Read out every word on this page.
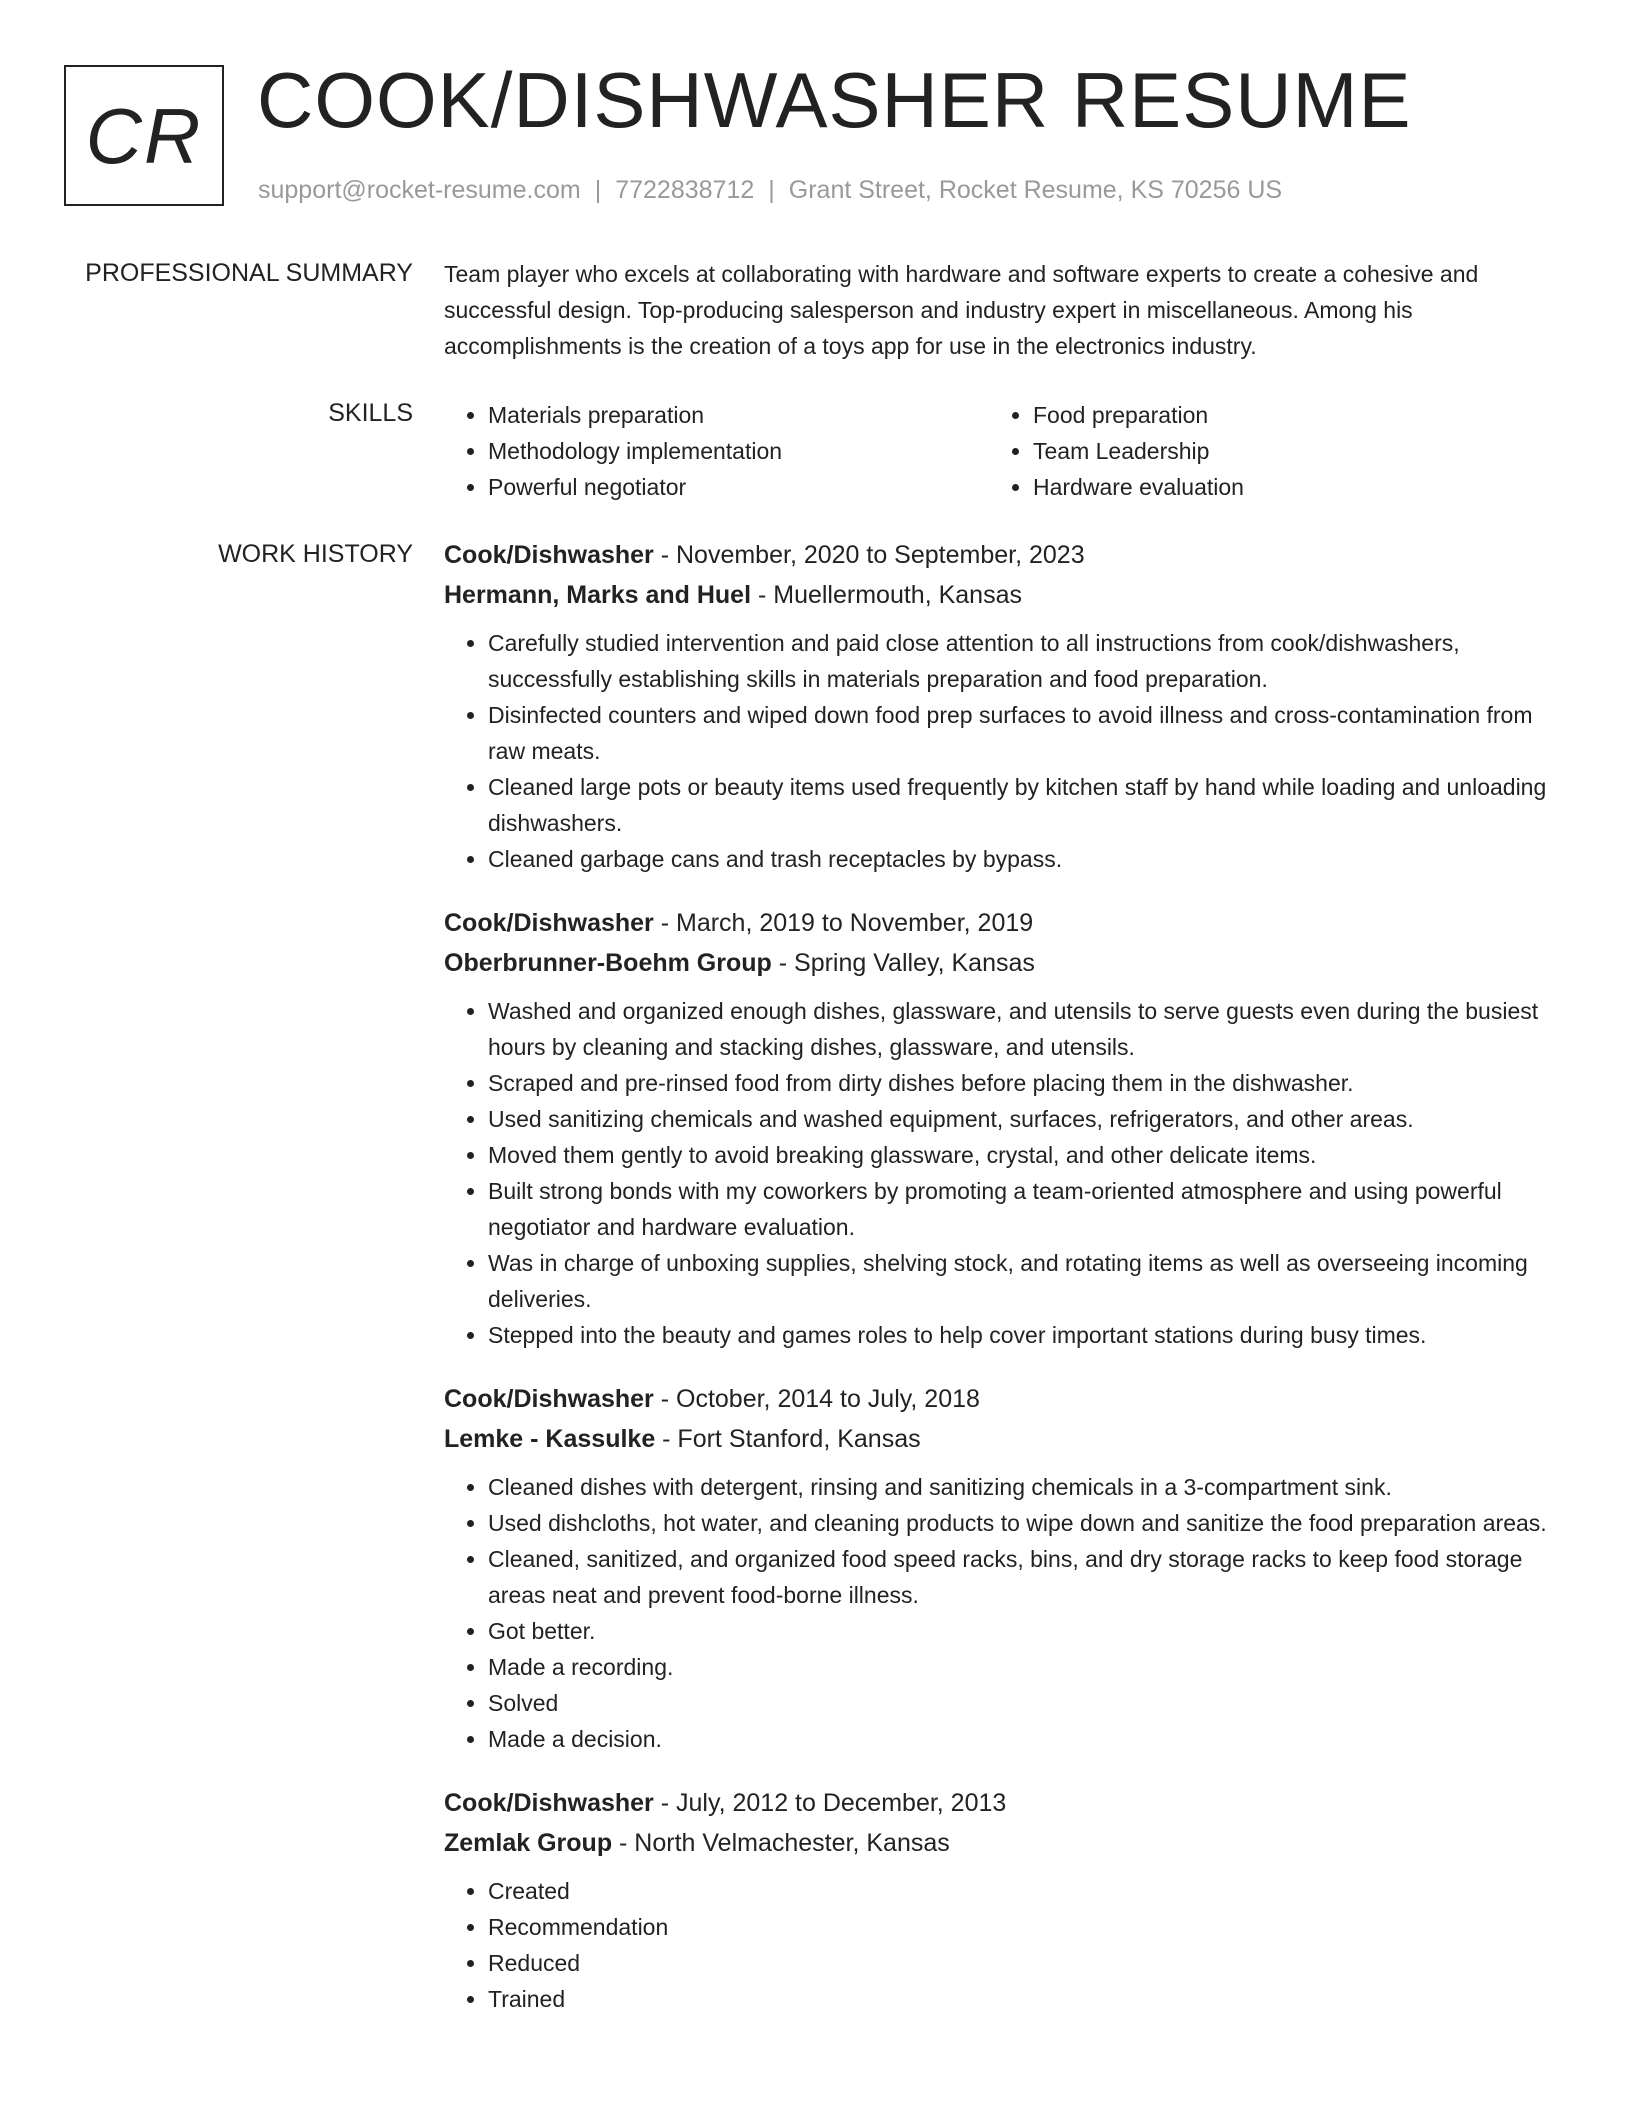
CR COOK/DISHWASHER RESUME
support@rocket-resume.com | 7722838712 | Grant Street, Rocket Resume, KS 70256 US
PROFESSIONAL SUMMARY Team player who excels at collaborating with hardware and software experts to create a cohesive and successful design. Top-producing salesperson and industry expert in miscellaneous. Among his accomplishments is the creation of a toys app for use in the electronics industry.

SKILLS
•	Materials preparation
• Methodology implementation
• Powerful negotiator
• Food preparation
• Team Leadership
• Hardware evaluation
WORK HISTORY Cook/Dishwasher - November, 2020 to September, 2023
Hermann, Marks and Huel - Muellermouth, Kansas
• Carefully studied intervention and paid close attention to all instructions from cook/dishwashers, successfully establishing skills in materials preparation and food preparation.
• Disinfected counters and wiped down food prep surfaces to avoid illness and cross-contamination from raw meats.
• Cleaned large pots or beauty items used frequently by kitchen staff by hand while loading and unloading dishwashers.
• Cleaned garbage cans and trash receptacles by bypass.
Cook/Dishwasher - March, 2019 to November, 2019
Oberbrunner-Boehm Group - Spring Valley, Kansas
• Washed and organized enough dishes, glassware, and utensils to serve guests even during the busiest hours by cleaning and stacking dishes, glassware, and utensils.
• Scraped and pre-rinsed food from dirty dishes before placing them in the dishwasher.
• Used sanitizing chemicals and washed equipment, surfaces, refrigerators, and other areas.
• Moved them gently to avoid breaking glassware, crystal, and other delicate items.
• Built strong bonds with my coworkers by promoting a team-oriented atmosphere and using powerful negotiator and hardware evaluation.
• Was in charge of unboxing supplies, shelving stock, and rotating items as well as overseeing incoming deliveries.
• Stepped into the beauty and games roles to help cover important stations during busy times.
Cook/Dishwasher - October, 2014 to July, 2018
Lemke - Kassulke - Fort Stanford, Kansas
• Cleaned dishes with detergent, rinsing and sanitizing chemicals in a 3-compartment sink.
• Used dishcloths, hot water, and cleaning products to wipe down and sanitize the food preparation areas.
• Cleaned, sanitized, and organized food speed racks, bins, and dry storage racks to keep food storage areas neat and prevent food-borne illness.
• Got better.
• Made a recording.
• Solved
• Made a decision.
Cook/Dishwasher - July, 2012 to December, 2013
Zemlak Group - North Velmachester, Kansas
• Created
• Recommendation
• Reduced
• Trained
